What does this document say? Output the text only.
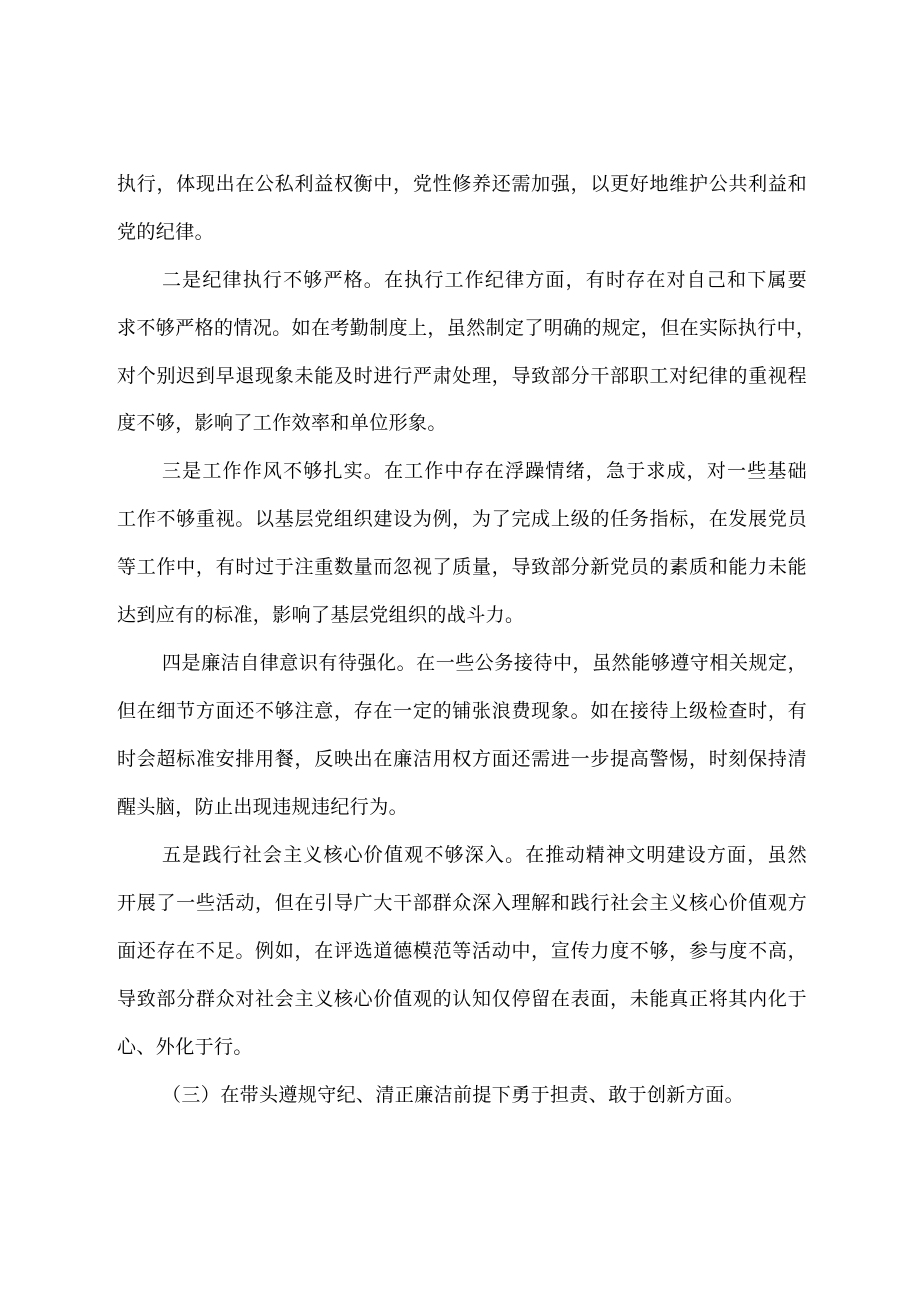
执行，体现出在公私利益权衡中，党性修养还需加强，以更好地维护公共利益和
党的纪律。
二是纪律执行不够严格。在执行工作纪律方面，有时存在对自己和下属要
求不够严格的情况。如在考勤制度上，虽然制定了明确的规定，但在实际执行中，
对个别迟到早退现象未能及时进行严肃处理，导致部分干部职工对纪律的重视程
度不够，影响了工作效率和单位形象。
三是工作作风不够扎实。在工作中存在浮躁情绪，急于求成，对一些基础
工作不够重视。以基层党组织建设为例，为了完成上级的任务指标，在发展党员
等工作中，有时过于注重数量而忽视了质量，导致部分新党员的素质和能力未能
达到应有的标准，影响了基层党组织的战斗力。
四是廉洁自律意识有待强化。在一些公务接待中，虽然能够遵守相关规定，
但在细节方面还不够注意，存在一定的铺张浪费现象。如在接待上级检查时，有
时会超标准安排用餐，反映出在廉洁用权方面还需进一步提高警惕，时刻保持清
醒头脑，防止出现违规违纪行为。
五是践行社会主义核心价值观不够深入。在推动精神文明建设方面，虽然
开展了一些活动，但在引导广大干部群众深入理解和践行社会主义核心价值观方
面还存在不足。例如，在评选道德模范等活动中，宣传力度不够，参与度不高，
导致部分群众对社会主义核心价值观的认知仅停留在表面，未能真正将其内化于
心、外化于行。
（三）在带头遵规守纪、清正廉洁前提下勇于担责、敢于创新方面。
